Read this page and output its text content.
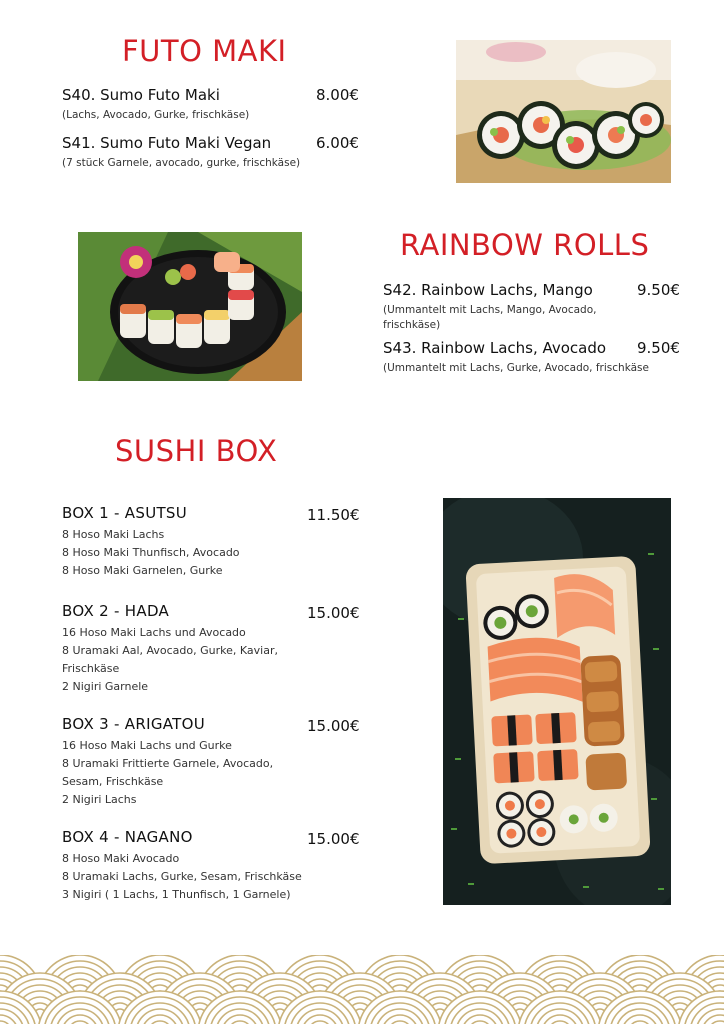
FUTO MAKI
S40. Sumo Futo Maki	8.00€
(Lachs, Avocado, Gurke, frischkäse)
S41. Sumo Futo Maki Vegan	6.00€
(7 stück Garnele, avocado, gurke, frischkäse)
RAINBOW ROLLS
S42. Rainbow Lachs, Mango	9.50€
(Ummantelt mit Lachs, Mango, Avocado, frischkäse)
S43. Rainbow Lachs, Avocado	9.50€
(Ummantelt mit Lachs, Gurke, Avocado, frischkäse
SUSHI BOX
BOX 1 - ASUTSU	11.50€
8 Hoso Maki Lachs
8 Hoso Maki Thunfisch, Avocado
8 Hoso Maki Garnelen, Gurke
BOX 2 - HADA	15.00€
16 Hoso Maki Lachs und Avocado
8 Uramaki Aal, Avocado, Gurke, Kaviar,
Frischkäse
2 Nigiri Garnele
BOX 3 - ARIGATOU	15.00€
16 Hoso Maki Lachs und Gurke
8 Uramaki Frittierte Garnele, Avocado,
Sesam, Frischkäse
2 Nigiri Lachs
BOX 4 - NAGANO	15.00€
8 Hoso Maki Avocado
8 Uramaki Lachs, Gurke, Sesam, Frischkäse
3 Nigiri ( 1 Lachs, 1 Thunfisch, 1 Garnele)
